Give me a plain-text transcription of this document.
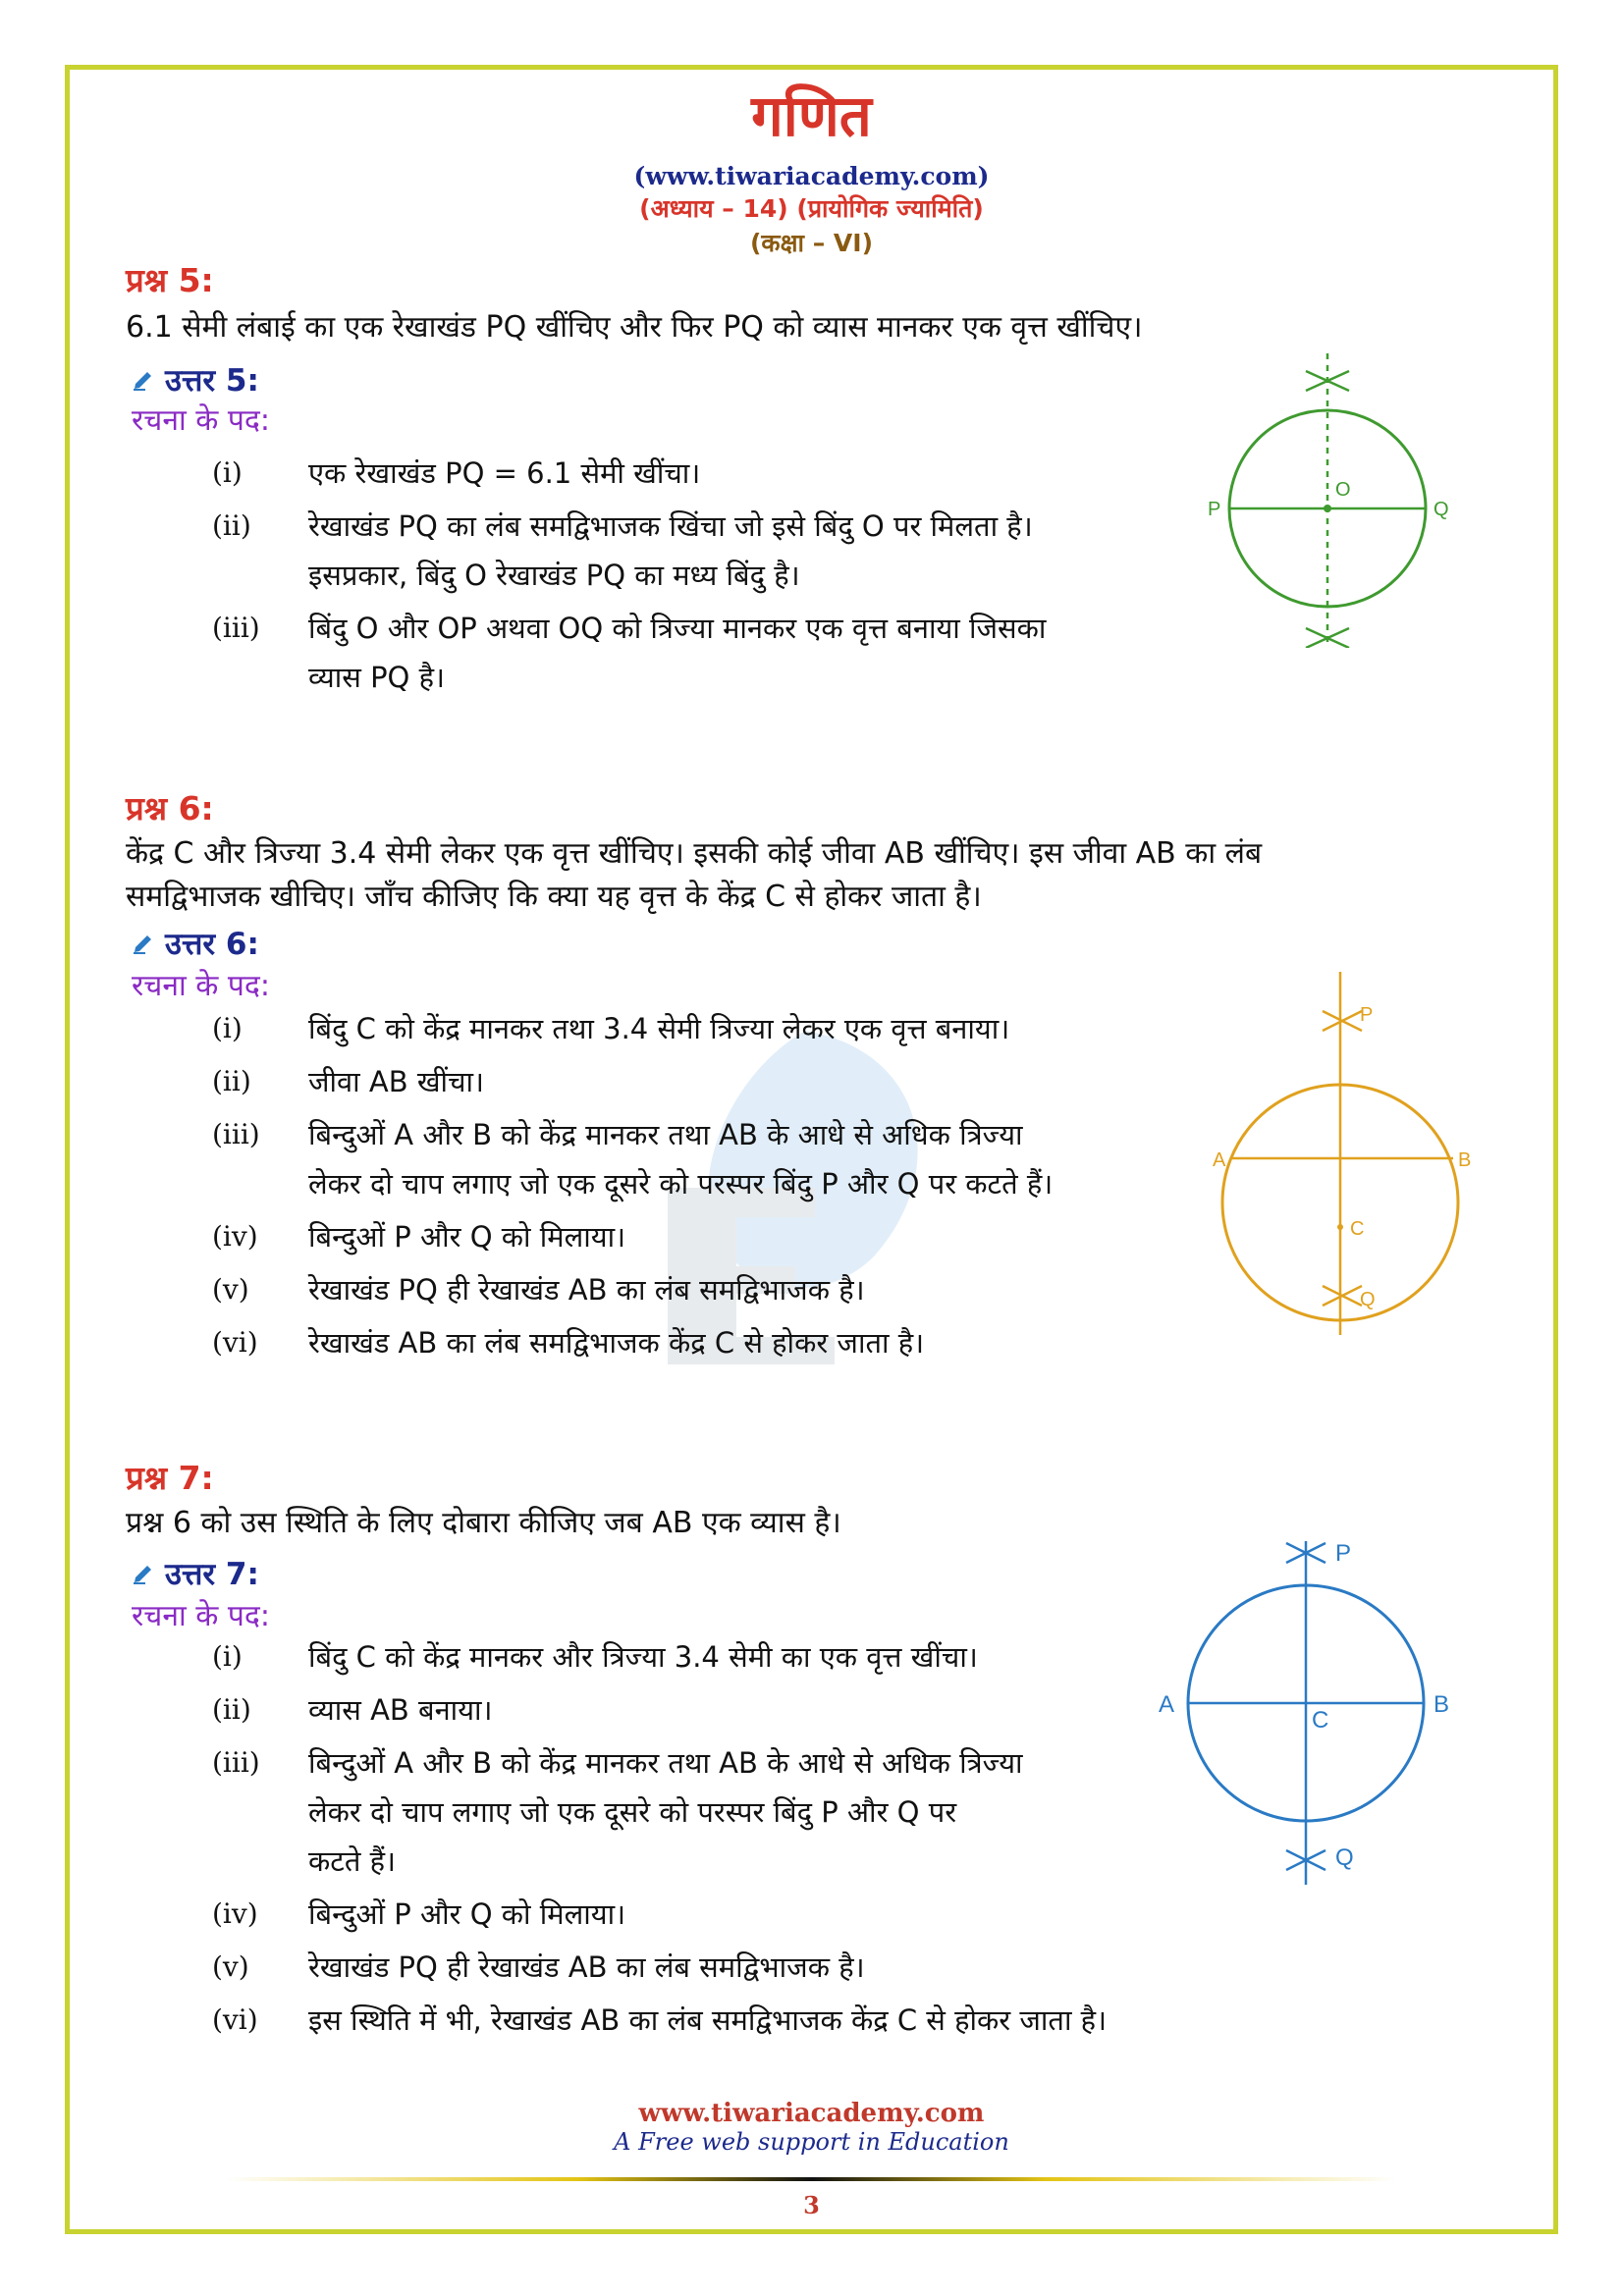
गणित
(www.tiwariacademy.com)
(अध्याय – 14) (प्रायोगिक ज्यामिति)
(कक्षा – VI)
प्रश्न 5:
6.1 सेमी लंबाई का एक रेखाखंड PQ खींचिए और फिर PQ को व्यास मानकर एक वृत्त खींचिए।
उत्तर 5:
रचना के पद:
(i) एक रेखाखंड PQ = 6.1 सेमी खींचा।
(ii) रेखाखंड PQ का लंब समद्विभाजक खिंचा जो इसे बिंदु O पर मिलता है।
इसप्रकार, बिंदु O रेखाखंड PQ का मध्य बिंदु है।
(iii) बिंदु O और OP अथवा OQ को त्रिज्या मानकर एक वृत्त बनाया जिसका
व्यास PQ है।
P
O
Q
प्रश्न 6:
केंद्र C और त्रिज्या 3.4 सेमी लेकर एक वृत्त खींचिए। इसकी कोई जीवा AB खींचिए। इस जीवा AB का लंब
समद्विभाजक खीचिए। जाँच कीजिए कि क्या यह वृत्त के केंद्र C से होकर जाता है।
उत्तर 6:
रचना के पद:
(i) बिंदु C को केंद्र मानकर तथा 3.4 सेमी त्रिज्या लेकर एक वृत्त बनाया।
(ii) जीवा AB खींचा।
(iii) बिन्दुओं A और B को केंद्र मानकर तथा AB के आधे से अधिक त्रिज्या
लेकर दो चाप लगाए जो एक दूसरे को परस्पर बिंदु P और Q पर कटते हैं।
(iv) बिन्दुओं P और Q को मिलाया।
(v) रेखाखंड PQ ही रेखाखंड AB का लंब समद्विभाजक है।
(vi) रेखाखंड AB का लंब समद्विभाजक केंद्र C से होकर जाता है।
P
A	B
C
Q
प्रश्न 7:
प्रश्न 6 को उस स्थिति के लिए दोबारा कीजिए जब AB एक व्यास है।
उत्तर 7:
रचना के पद:
(i) बिंदु C को केंद्र मानकर और त्रिज्या 3.4 सेमी का एक वृत्त खींचा।
(ii) व्यास AB बनाया।
(iii) बिन्दुओं A और B को केंद्र मानकर तथा AB के आधे से अधिक त्रिज्या
लेकर दो चाप लगाए जो एक दूसरे को परस्पर बिंदु P और Q पर
कटते हैं।
(iv) बिन्दुओं P और Q को मिलाया।
(v) रेखाखंड PQ ही रेखाखंड AB का लंब समद्विभाजक है।
(vi) इस स्थिति में भी, रेखाखंड AB का लंब समद्विभाजक केंद्र C से होकर जाता है।
P
A
C
B
Q
www.tiwariacademy.com
A Free web support in Education
3
